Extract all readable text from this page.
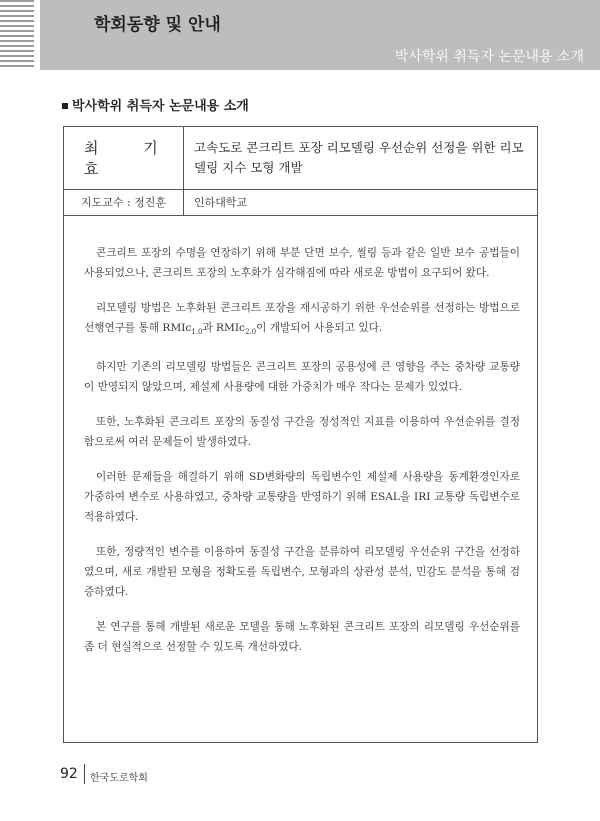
학회동향 및 안내
박사학위 취득자 논문내용 소개
박사학위 취득자 논문내용 소개
최 기 효
고속도로 콘크리트 포장 리모델링 우선순위 선정을 위한 리모델링 지수 모형 개발
지도교수 : 정진훈	인하대학교

콘크리트 포장의 수명을 연장하기 위해 부분 단면 보수, 씰링 등과 같은 일반 보수 공법들이 사용되었으나, 콘크리트 포장의 노후화가 심각해짐에 따라 새로운 방법이 요구되어 왔다.

리모델링 방법은 노후화된 콘크리트 포장을 재시공하기 위한 우선순위를 선정하는 방법으로 선행연구를 통해 RMIc$_{1.0}$과 RMIc$_{2.0}$이 개발되어 사용되고 있다.

하지만 기존의 리모델링 방법들은 콘크리트 포장의 공용성에 큰 영향을 주는 중차량 교통량이 반영되지 않았으며, 제설제 사용량에 대한 가중치가 매우 작다는 문제가 있었다.

또한, 노후화된 콘크리트 포장의 동질성 구간을 정성적인 지표를 이용하여 우선순위를 결정함으로써 여러 문제들이 발생하였다.

이러한 문제들을 해결하기 위해 SD변화량의 독립변수인 제설제 사용량을 동계환경인자로 가중하여 변수로 사용하였고, 중차량 교통량을 반영하기 위해 ESAL을 IRI 교통량 독립변수로 적용하였다.

또한, 정량적인 변수를 이용하여 동질성 구간을 분류하여 리모델링 우선순위 구간을 선정하였으며, 새로 개발된 모형을 정확도를 독립변수, 모형과의 상관성 분석, 민감도 분석을 통해 검증하였다.

본 연구를 통해 개발된 새로운 모델을 통해 노후화된 콘크리트 포장의 리모델링 우선순위를 좀 더 현실적으로 선정할 수 있도록 개선하였다.

92 한국도로학회
